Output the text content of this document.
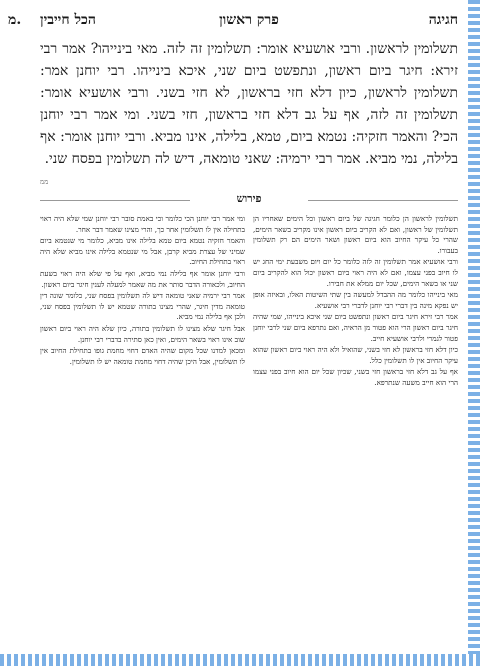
חגיגה
פרק ראשון
הכל חייבין
מ.
תשלומין לראשון. ורבי אושעיא אומר: תשלומין זה לזה. מאי בינייהו? אמר רבי זירא: חיגר ביום ראשון, ונתפשט ביום שני, איכא בינייהו. רבי יוחנן אמר: תשלומין לראשון, כיון דלא חזי בראשון, לא חזי בשני. ורבי אושעיא אומר: תשלומין זה לזה, אף על גב דלא חזי בראשון, חזי בשני. ומי אמר רבי יוחנן הכי? והאמר חזקיה: נטמא ביום, טמא, בלילה, אינו מביא. ורבי יוחנן אומר: אף בלילה, נמי מביא. אמר רבי ירמיה: שאני טומאה, דיש לה תשלומין בפסח שני.
ממ
פירוש

תשלומין לראשון הן כלומר חגיגה של ביום ראשון וכל הימים שאחריו הן תשלומין של ראשון, ואם לא הקריב ביום ראשון אינו מקריב בשאר הימים, שהרי כל עיקר החיוב הוא ביום ראשון ושאר הימים הם רק תשלומין בעבורו.

ורבי אושעיא אמר תשלומין זה לזה כלומר כל יום ויום משבעת ימי החג יש לו חיוב בפני עצמו, ואם לא היה ראוי ביום ראשון יכול הוא להקריב ביום שני או בשאר הימים, שכל יום ממלא את חבירו.

מאי בינייהו כלומר מה ההבדל למעשה בין שתי השיטות האלו, ובאיזה אופן יש נפקא מינה בין דברי רבי יוחנן לדברי רבי אושעיא.

אמר רבי זירא חיגר ביום ראשון ונתפשט ביום שני איכא בינייהו, שמי שהיה חיגר ביום ראשון הרי הוא פטור מן הראיה, ואם נתרפא ביום שני לרבי יוחנן פטור לגמרי ולרבי אושעיא חייב.

כיון דלא חזי בראשון לא חזי בשני, שהואיל ולא היה ראוי ביום ראשון שהוא עיקר החיוב אין לו תשלומין כלל.

אף על גב דלא חזי בראשון חזי בשני, שכיון שכל יום הוא חיוב בפני עצמו הרי הוא חייב משעה שנתרפא.

ומי אמר רבי יוחנן הכי כלומר וכי באמת סובר רבי יוחנן שמי שלא היה ראוי בתחילה אין לו תשלומין אחר כך, והרי מצינו שאמר דבר אחר.

והאמר חזקיה נטמא ביום טמא בלילה אינו מביא, כלומר מי שנטמא ביום שמיני של עצרת מביא קרבן, אבל מי שנטמא בלילה אינו מביא שלא היה ראוי בתחילת החיוב.

ורבי יוחנן אומר אף בלילה נמי מביא, ואף על פי שלא היה ראוי בשעת החיוב, ולכאורה הדבר סותר את מה שאמר למעלה לענין חיגר ביום ראשון.

אמר רבי ירמיה שאני טומאה דיש לה תשלומין בפסח שני, כלומר שונה דין טומאה מדין חיגר, שהרי מצינו בתורה שטמא יש לו תשלומין בפסח שני, ולכן אף בלילה נמי מביא.

אבל חיגר שלא מצינו לו תשלומין בתורה, כיון שלא היה ראוי ביום ראשון שוב אינו ראוי בשאר הימים, ואין כאן סתירה בדברי רבי יוחנן.

ומכאן למדנו שכל מקום שהיה האדם דחוי מחמת גופו בתחילת החיוב אין לו תשלומין, אבל היכן שהיה דחוי מחמת טומאה יש לו תשלומין.
